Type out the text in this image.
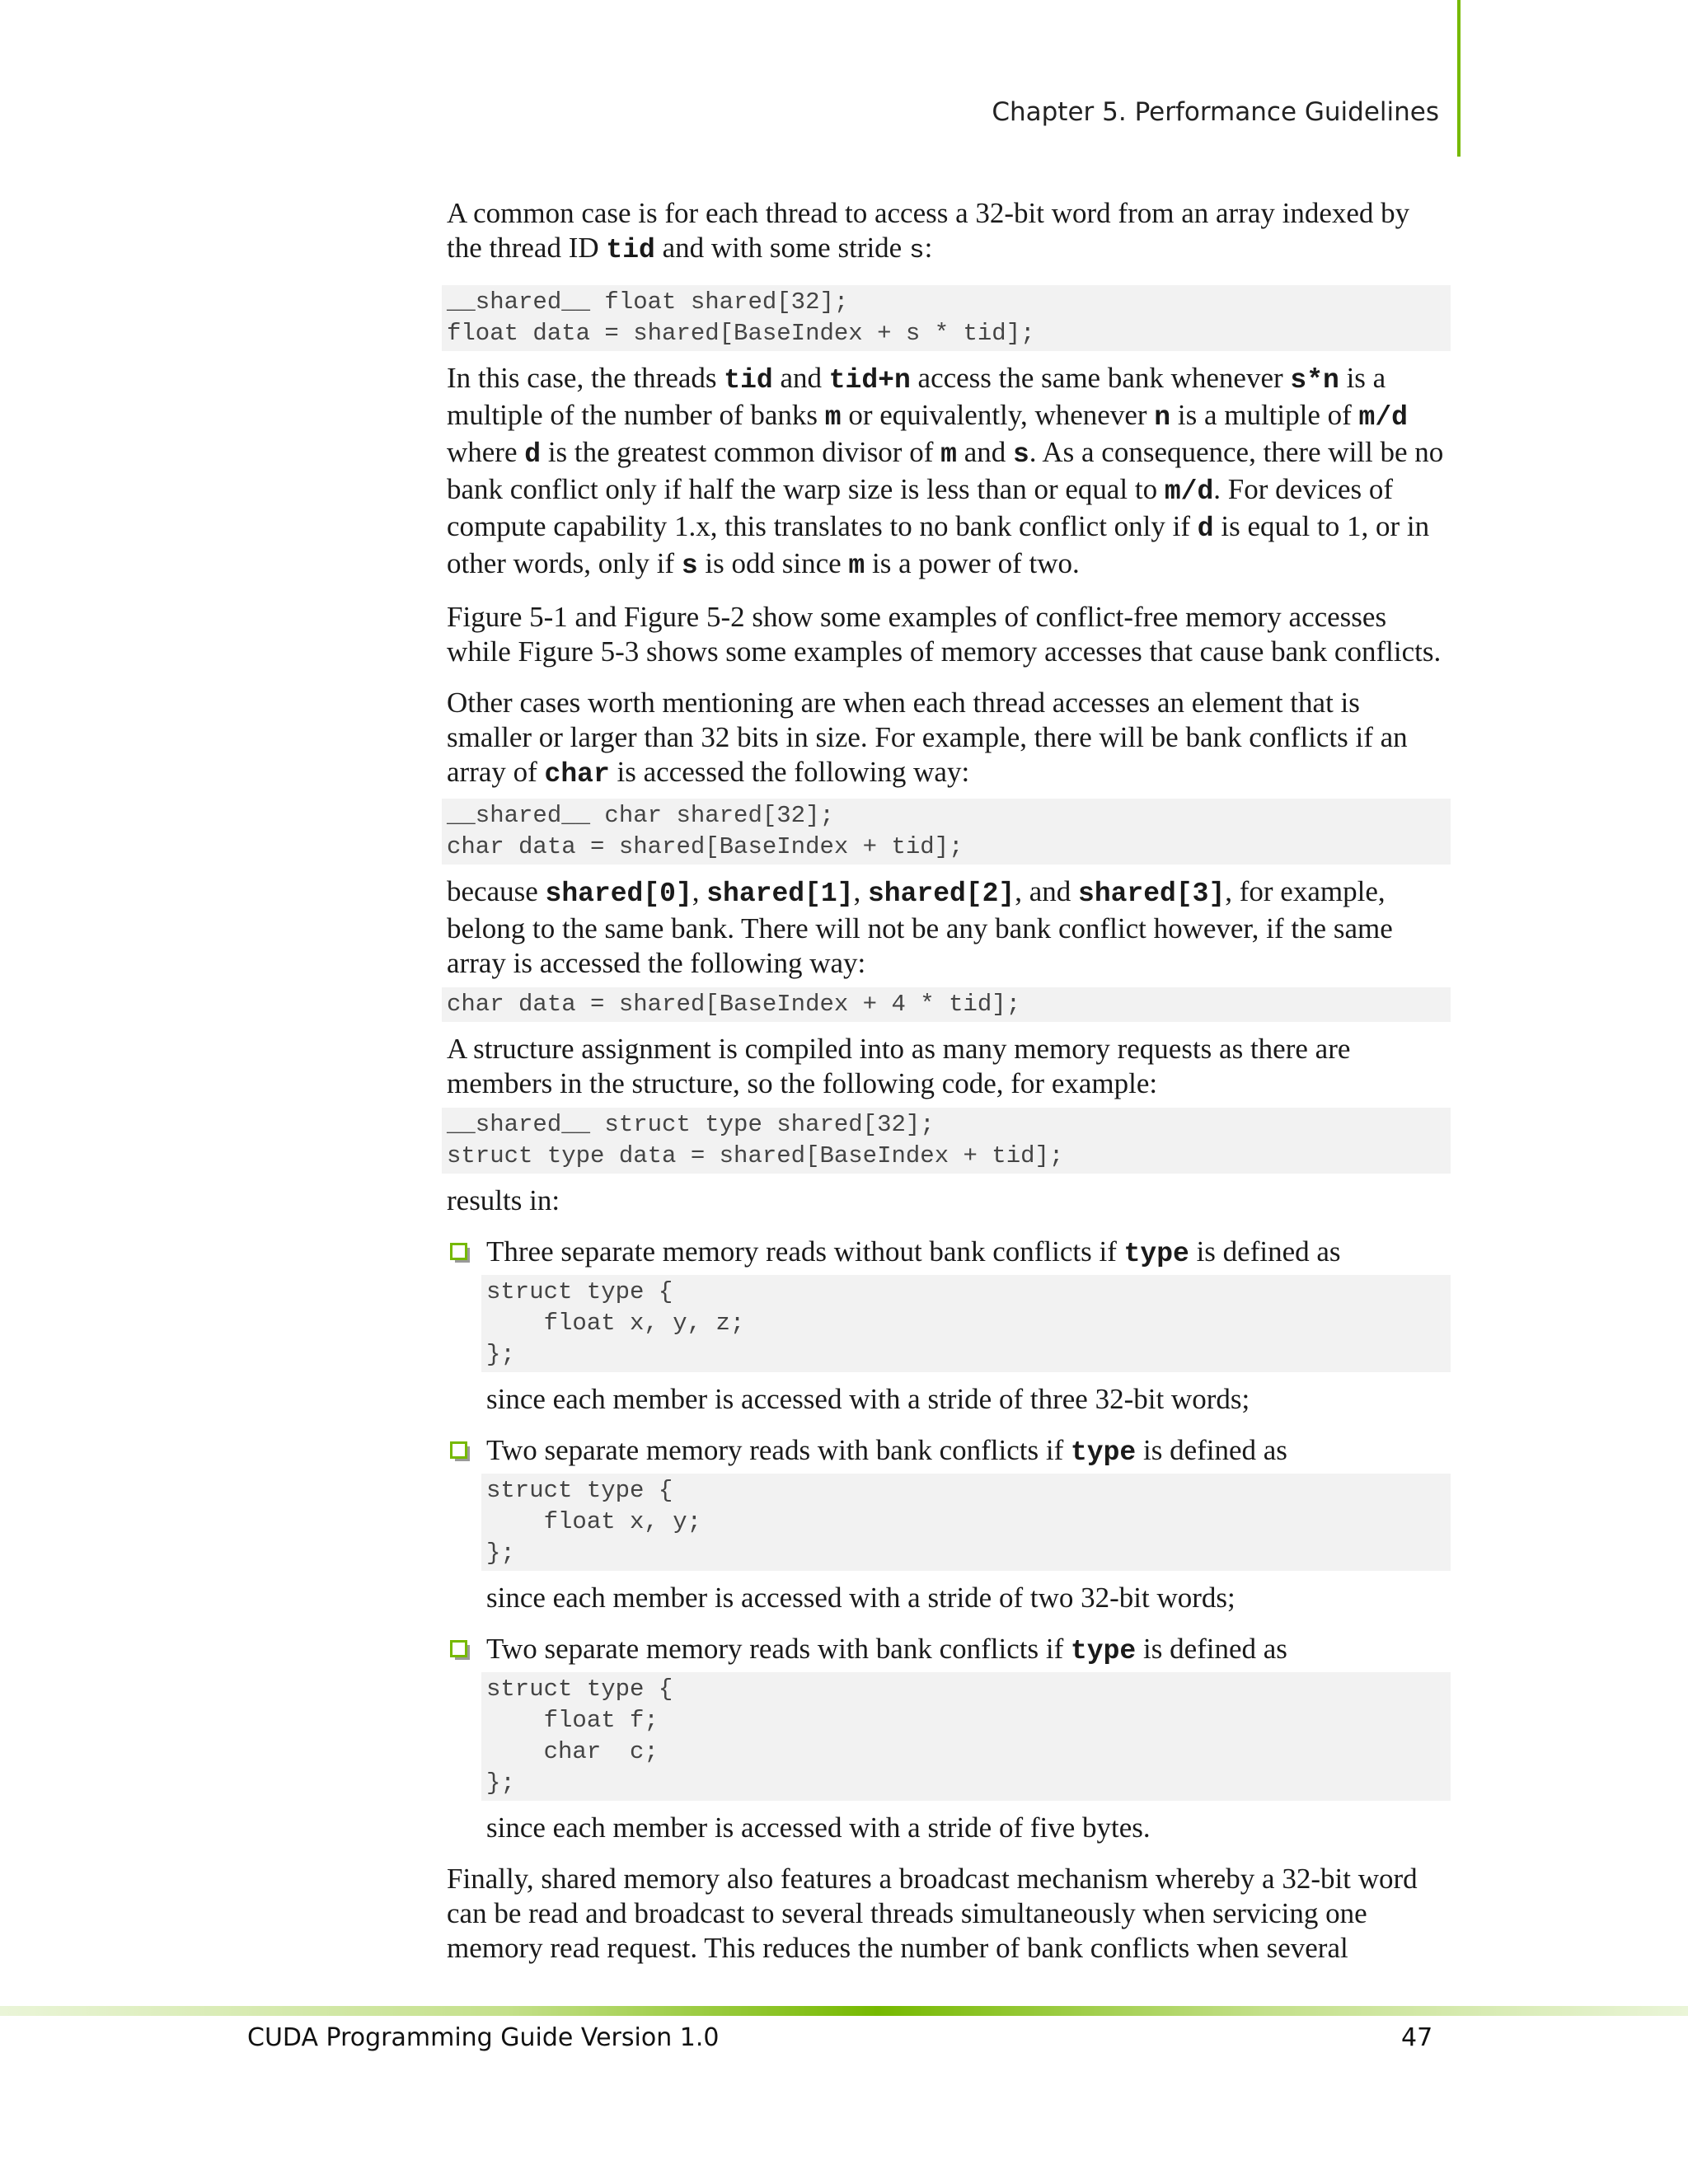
Chapter 5. Performance Guidelines

A common case is for each thread to access a 32-bit word from an array indexed by the thread ID tid and with some stride s:

__shared__ float shared[32];
float data = shared[BaseIndex + s * tid];

In this case, the threads tid and tid+n access the same bank whenever s*n is a multiple of the number of banks m or equivalently, whenever n is a multiple of m/d where d is the greatest common divisor of m and s. As a consequence, there will be no bank conflict only if half the warp size is less than or equal to m/d. For devices of compute capability 1.x, this translates to no bank conflict only if d is equal to 1, or in other words, only if s is odd since m is a power of two.

Figure 5-1 and Figure 5-2 show some examples of conflict-free memory accesses while Figure 5-3 shows some examples of memory accesses that cause bank conflicts.

Other cases worth mentioning are when each thread accesses an element that is smaller or larger than 32 bits in size. For example, there will be bank conflicts if an array of char is accessed the following way:

__shared__ char shared[32];
char data = shared[BaseIndex + tid];

because shared[0], shared[1], shared[2], and shared[3], for example, belong to the same bank. There will not be any bank conflict however, if the same array is accessed the following way:

char data = shared[BaseIndex + 4 * tid];

A structure assignment is compiled into as many memory requests as there are members in the structure, so the following code, for example:

__shared__ struct type shared[32];
struct type data = shared[BaseIndex + tid];

results in:

Three separate memory reads without bank conflicts if type is defined as
struct type {
float x, y, z;
};
since each member is accessed with a stride of three 32-bit words;
Two separate memory reads with bank conflicts if type is defined as
struct type {
float x, y;
};
since each member is accessed with a stride of two 32-bit words;
Two separate memory reads with bank conflicts if type is defined as
struct type {
float f;
char  c;
};
since each member is accessed with a stride of five bytes.

Finally, shared memory also features a broadcast mechanism whereby a 32-bit word can be read and broadcast to several threads simultaneously when servicing one memory read request. This reduces the number of bank conflicts when several

CUDA Programming Guide Version 1.0	47
